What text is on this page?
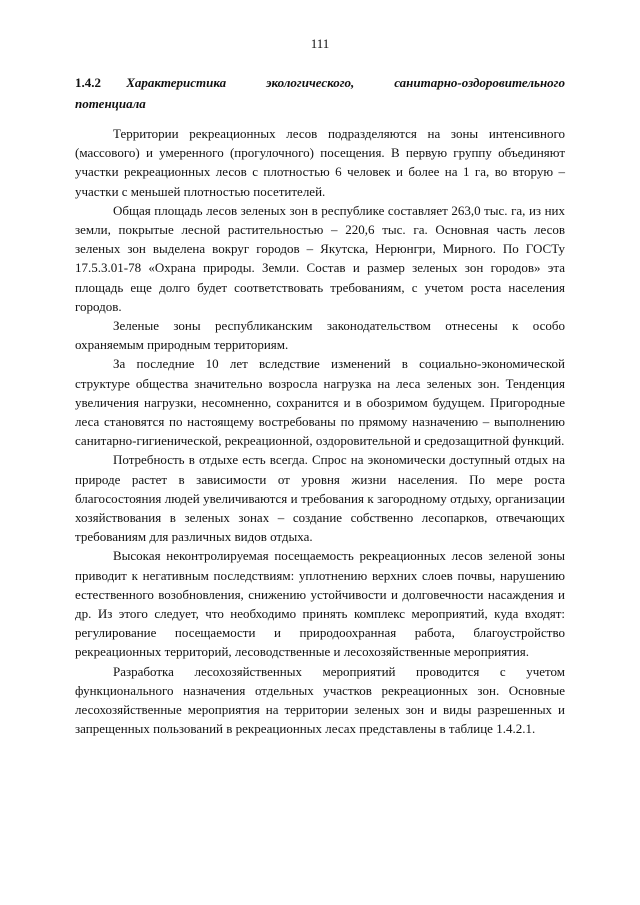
111
1.4.2 Характеристика	экологического,	санитарно-оздоровительного
потенциала

Территории рекреационных лесов подразделяются на зоны интенсивного (массового) и умеренного (прогулочного) посещения. В первую группу объединяют участки рекреационных лесов с плотностью 6 человек и более на 1 га, во вторую – участки с меньшей плотностью посетителей.

Общая площадь лесов зеленых зон в республике составляет 263,0 тыс. га, из них земли, покрытые лесной растительностью – 220,6 тыс. га. Основная часть лесов зеленых зон выделена вокруг городов – Якутска, Нерюнгри, Мирного. По ГОСТу 17.5.3.01-78 «Охрана природы. Земли. Состав и размер зеленых зон городов» эта площадь еще долго будет соответствовать требованиям, с учетом роста населения городов.

Зеленые зоны республиканским законодательством отнесены к особо охраняемым природным территориям.

За последние 10 лет вследствие изменений в социально-экономической структуре общества значительно возросла нагрузка на леса зеленых зон. Тенденция увеличения нагрузки, несомненно, сохранится и в обозримом будущем. Пригородные леса становятся по настоящему востребованы по прямому назначению – выполнению санитарно-гигиенической, рекреационной, оздоровительной и средозащитной функций.

Потребность в отдыхе есть всегда. Спрос на экономически доступный отдых на природе растет в зависимости от уровня жизни населения. По мере роста благосостояния людей увеличиваются и требования к загородному отдыху, организации хозяйствования в зеленых зонах – создание собственно лесопарков, отвечающих требованиям для различных видов отдыха.

Высокая неконтролируемая посещаемость рекреационных лесов зеленой зоны приводит к негативным последствиям: уплотнению верхних слоев почвы, нарушению естественного возобновления, снижению устойчивости и долговечности насаждения и др. Из этого следует, что необходимо принять комплекс мероприятий, куда входят: регулирование посещаемости и природоохранная работа, благоустройство рекреационных территорий, лесоводственные и лесохозяйственные мероприятия.

Разработка лесохозяйственных мероприятий проводится с учетом функционального назначения отдельных участков рекреационных зон. Основные лесохозяйственные мероприятия на территории зеленых зон и виды разрешенных и запрещенных пользований в рекреационных лесах представлены в таблице 1.4.2.1.
